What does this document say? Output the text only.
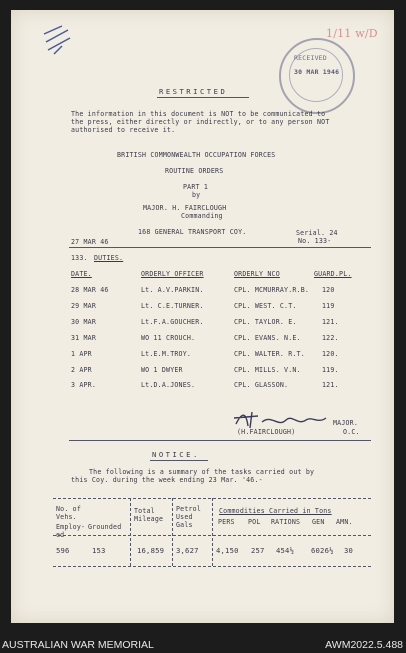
1/11 w/D
RECEIVED
30 MAR 1946
RESTRICTED
The information in this document is NOT to be communicated to
the press, either directly or indirectly, or to any person NOT
authorised to receive it.
BRITISH COMMONWEALTH OCCUPATION FORCES
ROUTINE ORDERS
PART 1
by
MAJOR. H. FAIRCLOUGH
Commanding
168 GENERAL TRANSPORT COY.	Serial. 24
27 MAR 46	No. 133-
133. DUTIES.
DATE.	ORDERLY OFFICER	ORDERLY NCO	GUARD.PL.
28 MAR 46	Lt. A.V.PARKIN.	CPL. MCMURRAY.R.B. 120
29 MAR	Lt. C.E.TURNER.	CPL. WEST. C.T.	119
30 MAR	Lt.F.A.GOUCHER.	CPL. TAYLOR. E.	121.
31 MAR	WO 11 CROUCH.	CPL. EVANS. N.E.	122.
1 APR	Lt.E.M.TROY.	CPL. WALTER. R.T.	120.
2 APR	WO 1 DWYER	CPL. MILLS. V.N.	119.
3 APR.	Lt.D.A.JONES.	CPL. GLASSON.	121.
MAJOR.
(H.FAIRCLOUGH)	O.C.
NOTICE.
The following is a summary of the tasks carried out by
this Coy. during the week ending 23 Mar. '46.-
No. of Vehs.
Employ-ed
Grounded
Total Mileage
Petrol Used Gals
Commodities Carried in Tons
PERS POL RATIONS GEN AMN.
596	153	16,859 3,627 4,150 257 454½ 6026½ 30
AUSTRALIAN WAR MEMORIAL	AWM2022.5.488
